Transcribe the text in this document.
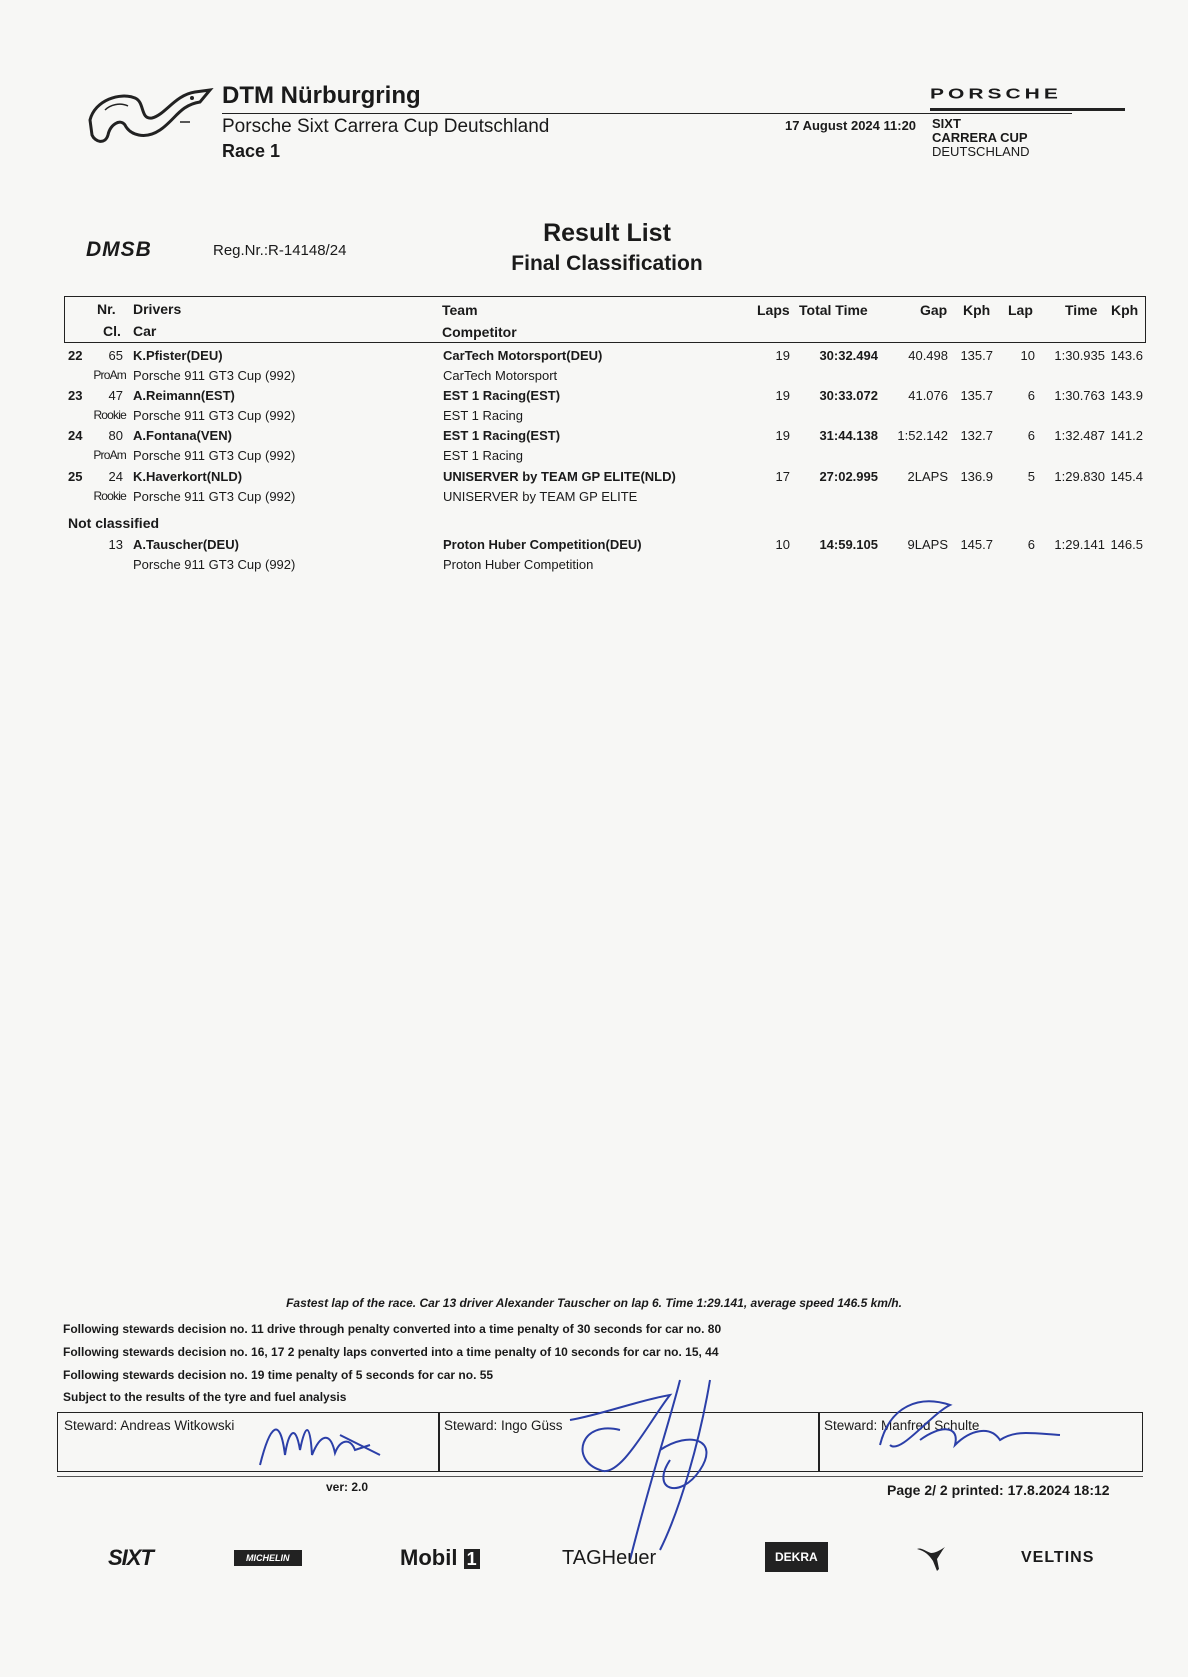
DTM Nürburgring
Porsche Sixt Carrera Cup Deutschland
Race 1
17 August 2024 11:20
PORSCHE
SIXT
CARRERA CUP
DEUTSCHLAND
DMSB	Reg.Nr.:R-14148/24
Result List
Final Classification
Nr. Drivers
Cl. Car
Team
Competitor
Laps Total Time	Gap Kph Lap Time Kph
22	65 K.Pfister(DEU)	CarTech Motorsport(DEU)	19	30:32.494	40.498 135.7	10	1:30.935 143.6
ProAm Porsche 911 GT3 Cup (992)	CarTech Motorsport
23	47 A.Reimann(EST)	EST 1 Racing(EST)	19	30:33.072	41.076 135.7	6	1:30.763 143.9
Rookie Porsche 911 GT3 Cup (992)	EST 1 Racing
24	80 A.Fontana(VEN)	EST 1 Racing(EST)	19	31:44.138	1:52.142 132.7	6	1:32.487 141.2
ProAm Porsche 911 GT3 Cup (992)	EST 1 Racing
25	24 K.Haverkort(NLD)	UNISERVER by TEAM GP ELITE(NLD)	17	27:02.995	2LAPS 136.9	5	1:29.830 145.4
Rookie Porsche 911 GT3 Cup (992)	UNISERVER by TEAM GP ELITE
13 A.Tauscher(DEU)	Proton Huber Competition(DEU)	10	14:59.105	9LAPS 145.7	6	1:29.141 146.5
Porsche 911 GT3 Cup (992)	Proton Huber Competition
Not classified
Fastest lap of the race. Car 13 driver Alexander Tauscher on lap 6. Time 1:29.141, average speed 146.5 km/h.
Following stewards decision no. 11 drive through penalty converted into a time penalty of 30 seconds for car no. 80
Following stewards decision no. 16, 17 2 penalty laps converted into a time penalty of 10 seconds for car no. 15, 44
Following stewards decision no. 19 time penalty of 5 seconds for car no. 55
Subject to the results of the tyre and fuel analysis
Steward: Andreas Witkowski	Steward: Ingo Güss	Steward: Manfred Schulte
ver: 2.0	Page 2/ 2 printed: 17.8.2024 18:12
SIXT	MICHELIN	Mobil 1	TAGHeuer	DEKRA	VELTINS
